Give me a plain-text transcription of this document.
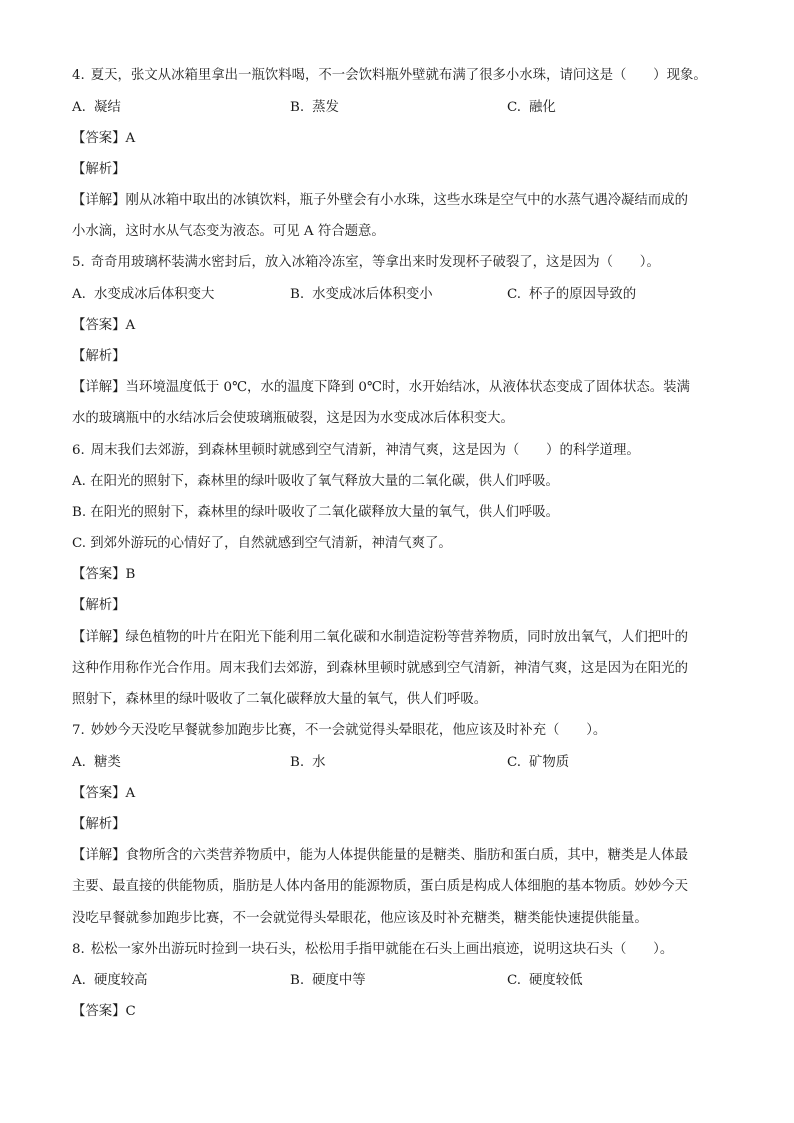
4. 夏天，张文从冰箱里拿出一瓶饮料喝，不一会饮料瓶外壁就布满了很多小水珠，请问这是（　　）现象。
A. 凝结	B. 蒸发	C. 融化
【答案】A
【解析】
【详解】刚从冰箱中取出的冰镇饮料，瓶子外壁会有小水珠，这些水珠是空气中的水蒸气遇冷凝结而成的
小水滴，这时水从气态变为液态。可见 A 符合题意。
5. 奇奇用玻璃杯装满水密封后，放入冰箱冷冻室，等拿出来时发现杯子破裂了，这是因为（　　）。
A. 水变成冰后体积变大	B. 水变成冰后体积变小	C. 杯子的原因导致的
【答案】A
【解析】
【详解】当环境温度低于 0℃，水的温度下降到 0℃时，水开始结冰，从液体状态变成了固体状态。装满
水的玻璃瓶中的水结冰后会使玻璃瓶破裂，这是因为水变成冰后体积变大。
6. 周末我们去郊游，到森林里顿时就感到空气清新，神清气爽，这是因为（　　）的科学道理。
A. 在阳光的照射下，森林里的绿叶吸收了氧气释放大量的二氧化碳，供人们呼吸。
B. 在阳光的照射下，森林里的绿叶吸收了二氧化碳释放大量的氧气，供人们呼吸。
C. 到郊外游玩的心情好了，自然就感到空气清新，神清气爽了。
【答案】B
【解析】
【详解】绿色植物的叶片在阳光下能利用二氧化碳和水制造淀粉等营养物质，同时放出氧气，人们把叶的
这种作用称作光合作用。周末我们去郊游，到森林里顿时就感到空气清新，神清气爽，这是因为在阳光的
照射下，森林里的绿叶吸收了二氧化碳释放大量的氧气，供人们呼吸。
7. 妙妙今天没吃早餐就参加跑步比赛，不一会就觉得头晕眼花，他应该及时补充（　　）。
A. 糖类	B. 水	C. 矿物质
【答案】A
【解析】
【详解】食物所含的六类营养物质中，能为人体提供能量的是糖类、脂肪和蛋白质，其中，糖类是人体最
主要、最直接的供能物质，脂肪是人体内备用的能源物质，蛋白质是构成人体细胞的基本物质。妙妙今天
没吃早餐就参加跑步比赛，不一会就觉得头晕眼花，他应该及时补充糖类，糖类能快速提供能量。
8. 松松一家外出游玩时捡到一块石头，松松用手指甲就能在石头上画出痕迹，说明这块石头（　　）。
A. 硬度较高	B. 硬度中等	C. 硬度较低
【答案】C
